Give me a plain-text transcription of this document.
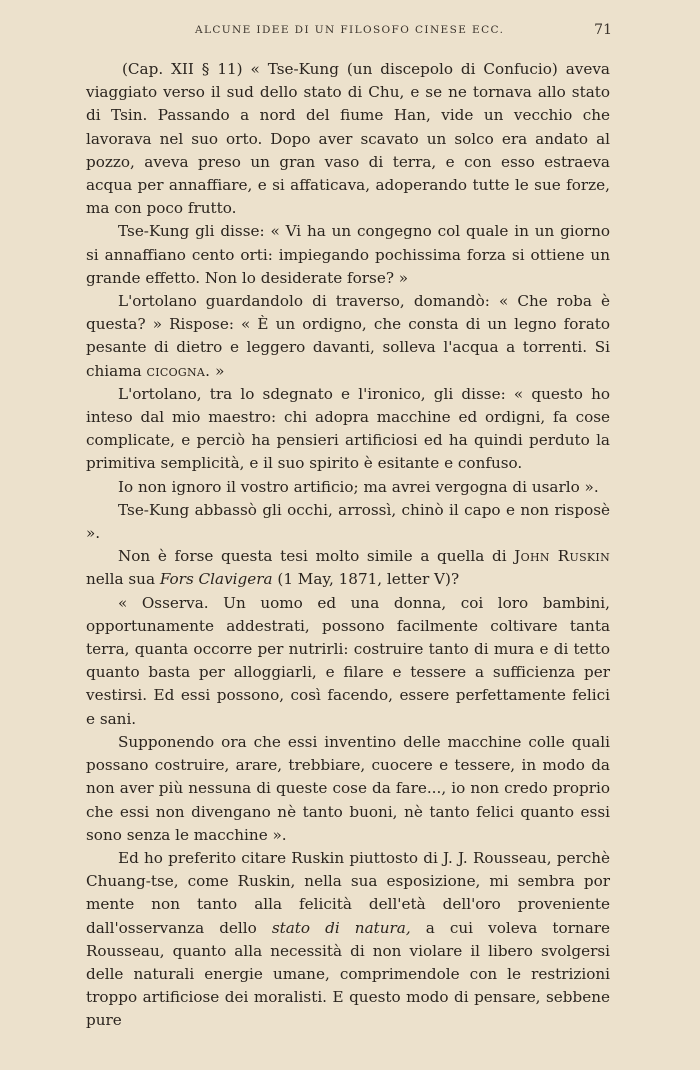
ALCUNE IDEE DI UN FILOSOFO CINESE ECC.	71

(Cap. XII § 11) « Tse-Kung (un discepolo di Confucio) aveva viaggiato verso il sud dello stato di Chu, e se ne tornava allo stato di Tsin. Passando a nord del fiume Han, vide un vecchio che lavorava nel suo orto. Dopo aver scavato un solco era andato al pozzo, aveva preso un gran vaso di terra, e con esso estraeva acqua per annaffiare, e si affaticava, adoperando tutte le sue forze, ma con poco frutto.

Tse-Kung gli disse: « Vi ha un congegno col quale in un giorno si annaffiano cento orti: impiegando pochissima forza si ottiene un grande effetto. Non lo desiderate forse? »

L'ortolano guardandolo di traverso, domandò: « Che roba è questa? » Rispose: « È un ordigno, che consta di un legno forato pesante di dietro e leggero davanti, solleva l'acqua a torrenti. Si chiama cicogna. »

L'ortolano, tra lo sdegnato e l'ironico, gli disse: « questo ho inteso dal mio maestro: chi adopra macchine ed ordigni, fa cose complicate, e perciò ha pensieri artificiosi ed ha quindi perduto la primitiva semplicità, e il suo spirito è esitante e confuso.

Io non ignoro il vostro artificio; ma avrei vergogna di usarlo ».

Tse-Kung abbassò gli occhi, arrossì, chinò il capo e non risposè ».

Non è forse questa tesi molto simile a quella di John Ruskin nella sua Fors Clavigera (1 May, 1871, letter V)?

« Osserva. Un uomo ed una donna, coi loro bambini, opportunamente addestrati, possono facilmente coltivare tanta terra, quanta occorre per nutrirli: costruire tanto di mura e di tetto quanto basta per alloggiarli, e filare e tessere a sufficienza per vestirsi. Ed essi possono, così facendo, essere perfettamente felici e sani.

Supponendo ora che essi inventino delle macchine colle quali possano costruire, arare, trebbiare, cuocere e tessere, in modo da non aver più nessuna di queste cose da fare..., io non credo proprio che essi non divengano nè tanto buoni, nè tanto felici quanto essi sono senza le macchine ».

Ed ho preferito citare Ruskin piuttosto di J. J. Rousseau, perchè Chuang-tse, come Ruskin, nella sua esposizione, mi sembra por mente non tanto alla felicità dell'età dell'oro proveniente dall'osservanza dello stato di natura, a cui voleva tornare Rousseau, quanto alla necessità di non violare il libero svolgersi delle naturali energie umane, comprimendole con le restrizioni troppo artificiose dei moralisti. E questo modo di pensare, sebbene pure
